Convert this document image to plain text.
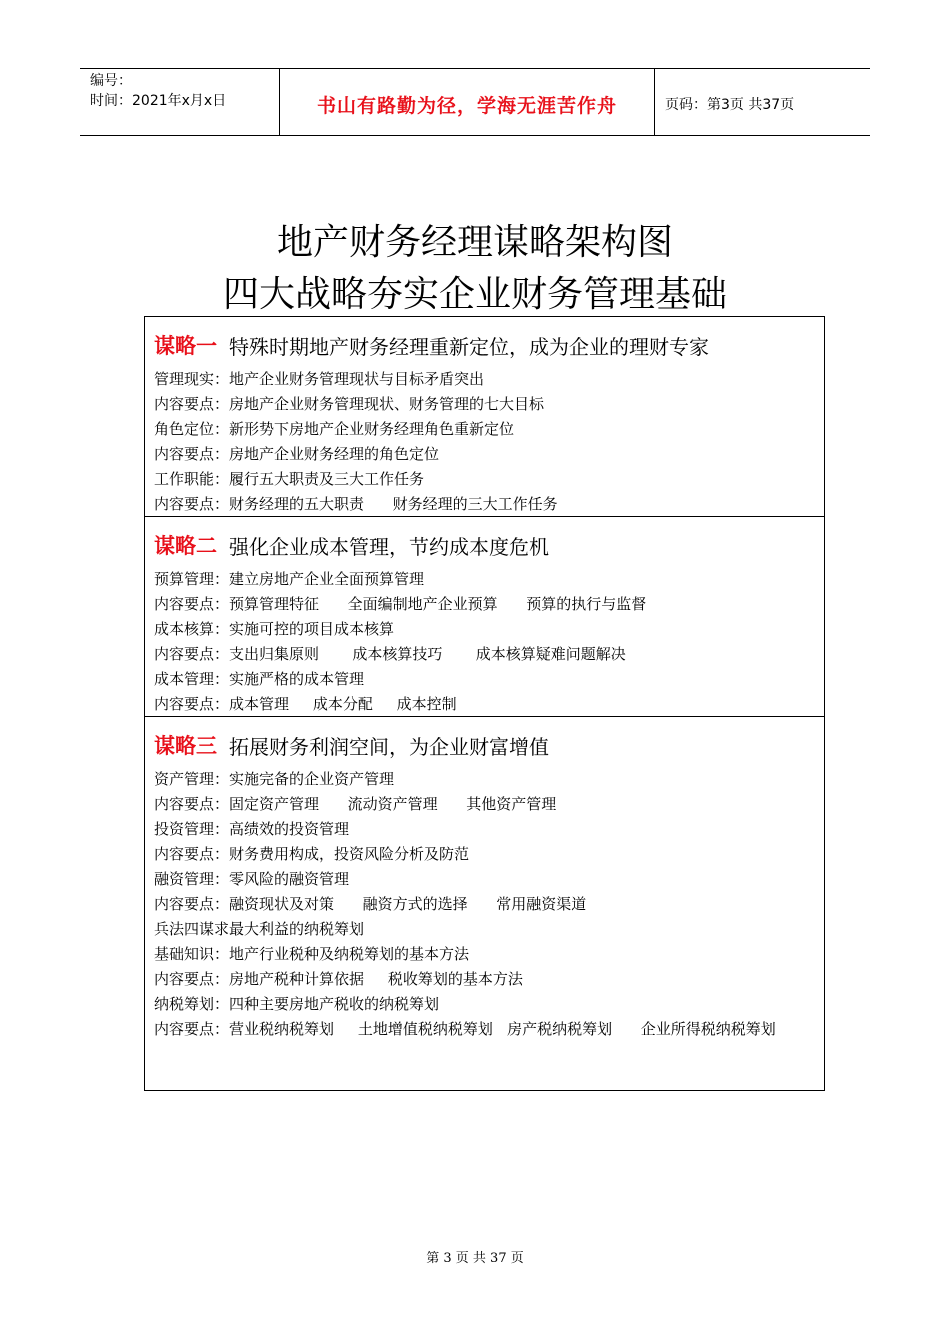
编号：
时间：2021年x月x日	书山有路勤为径，学海无涯苦作舟	页码：第3页 共37页
地产财务经理谋略架构图
四大战略夯实企业财务管理基础
谋略一 特殊时期地产财务经理重新定位，成为企业的理财专家
管理现实：地产企业财务管理现状与目标矛盾突出
内容要点：房地产企业财务管理现状、财务管理的七大目标
角色定位：新形势下房地产企业财务经理角色重新定位
内容要点：房地产企业财务经理的角色定位
工作职能：履行五大职责及三大工作任务
内容要点：财务经理的五大职责      财务经理的三大工作任务
谋略二 强化企业成本管理，节约成本度危机
预算管理：建立房地产企业全面预算管理
内容要点：预算管理特征      全面编制地产企业预算      预算的执行与监督
成本核算：实施可控的项目成本核算
内容要点：支出归集原则       成本核算技巧       成本核算疑难问题解决
成本管理：实施严格的成本管理
内容要点：成本管理     成本分配     成本控制
谋略三 拓展财务利润空间，为企业财富增值
资产管理：实施完备的企业资产管理
内容要点：固定资产管理      流动资产管理      其他资产管理
投资管理：高绩效的投资管理
内容要点：财务费用构成，投资风险分析及防范
融资管理：零风险的融资管理
内容要点：融资现状及对策      融资方式的选择      常用融资渠道
兵法四谋求最大利益的纳税筹划
基础知识：地产行业税种及纳税筹划的基本方法
内容要点：房地产税种计算依据     税收筹划的基本方法
纳税筹划：四种主要房地产税收的纳税筹划
内容要点：营业税纳税筹划     土地增值税纳税筹划   房产税纳税筹划      企业所得税纳税筹划
第 3 页 共 37 页
